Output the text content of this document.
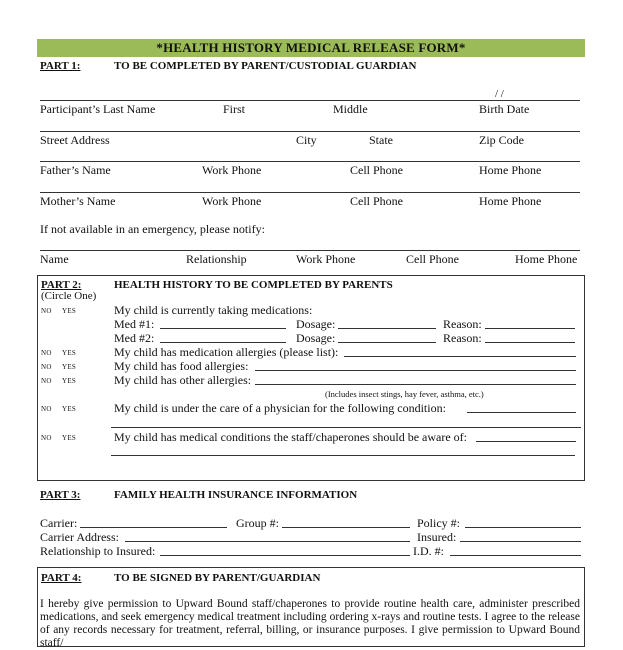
*HEALTH HISTORY MEDICAL RELEASE FORM*
PART 1:	TO BE COMPLETED BY PARENT/CUSTODIAL GUARDIAN
/ /
Participant’s Last Name	First	Middle	Birth Date
Street Address	City	State	Zip Code
Father’s Name	Work Phone	Cell Phone	Home Phone
Mother’s Name	Work Phone	Cell Phone	Home Phone
If not available in an emergency, please notify:
Name	Relationship	Work Phone	Cell Phone	Home Phone
PART 2:	HEALTH HISTORY TO BE COMPLETED BY PARENTS
(Circle One)
NO YES	My child is currently taking medications:
Med #1:	Dosage:	Reason:
Med #2:	Dosage:	Reason:
NO YES	My child has medication allergies (please list):
NO YES	My child has food allergies:
NO YES	My child has other allergies:
(Includes insect stings, hay fever, asthma, etc.)
NO YES	My child is under the care of a physician for the following condition:
NO YES	My child has medical conditions the staff/chaperones should be aware of:
PART 3:	FAMILY HEALTH INSURANCE INFORMATION
Carrier:	Group #:	Policy #:
Carrier Address:	Insured:
Relationship to Insured:	I.D. #:
PART 4:	TO BE SIGNED BY PARENT/GUARDIAN
I hereby give permission to Upward Bound staff/chaperones to provide routine health care, administer prescribed medications, and seek emergency medical treatment including ordering x-rays and routine tests. I agree to the release of any records necessary for treatment, referral, billing, or insurance purposes. I give permission to Upward Bound staff/
